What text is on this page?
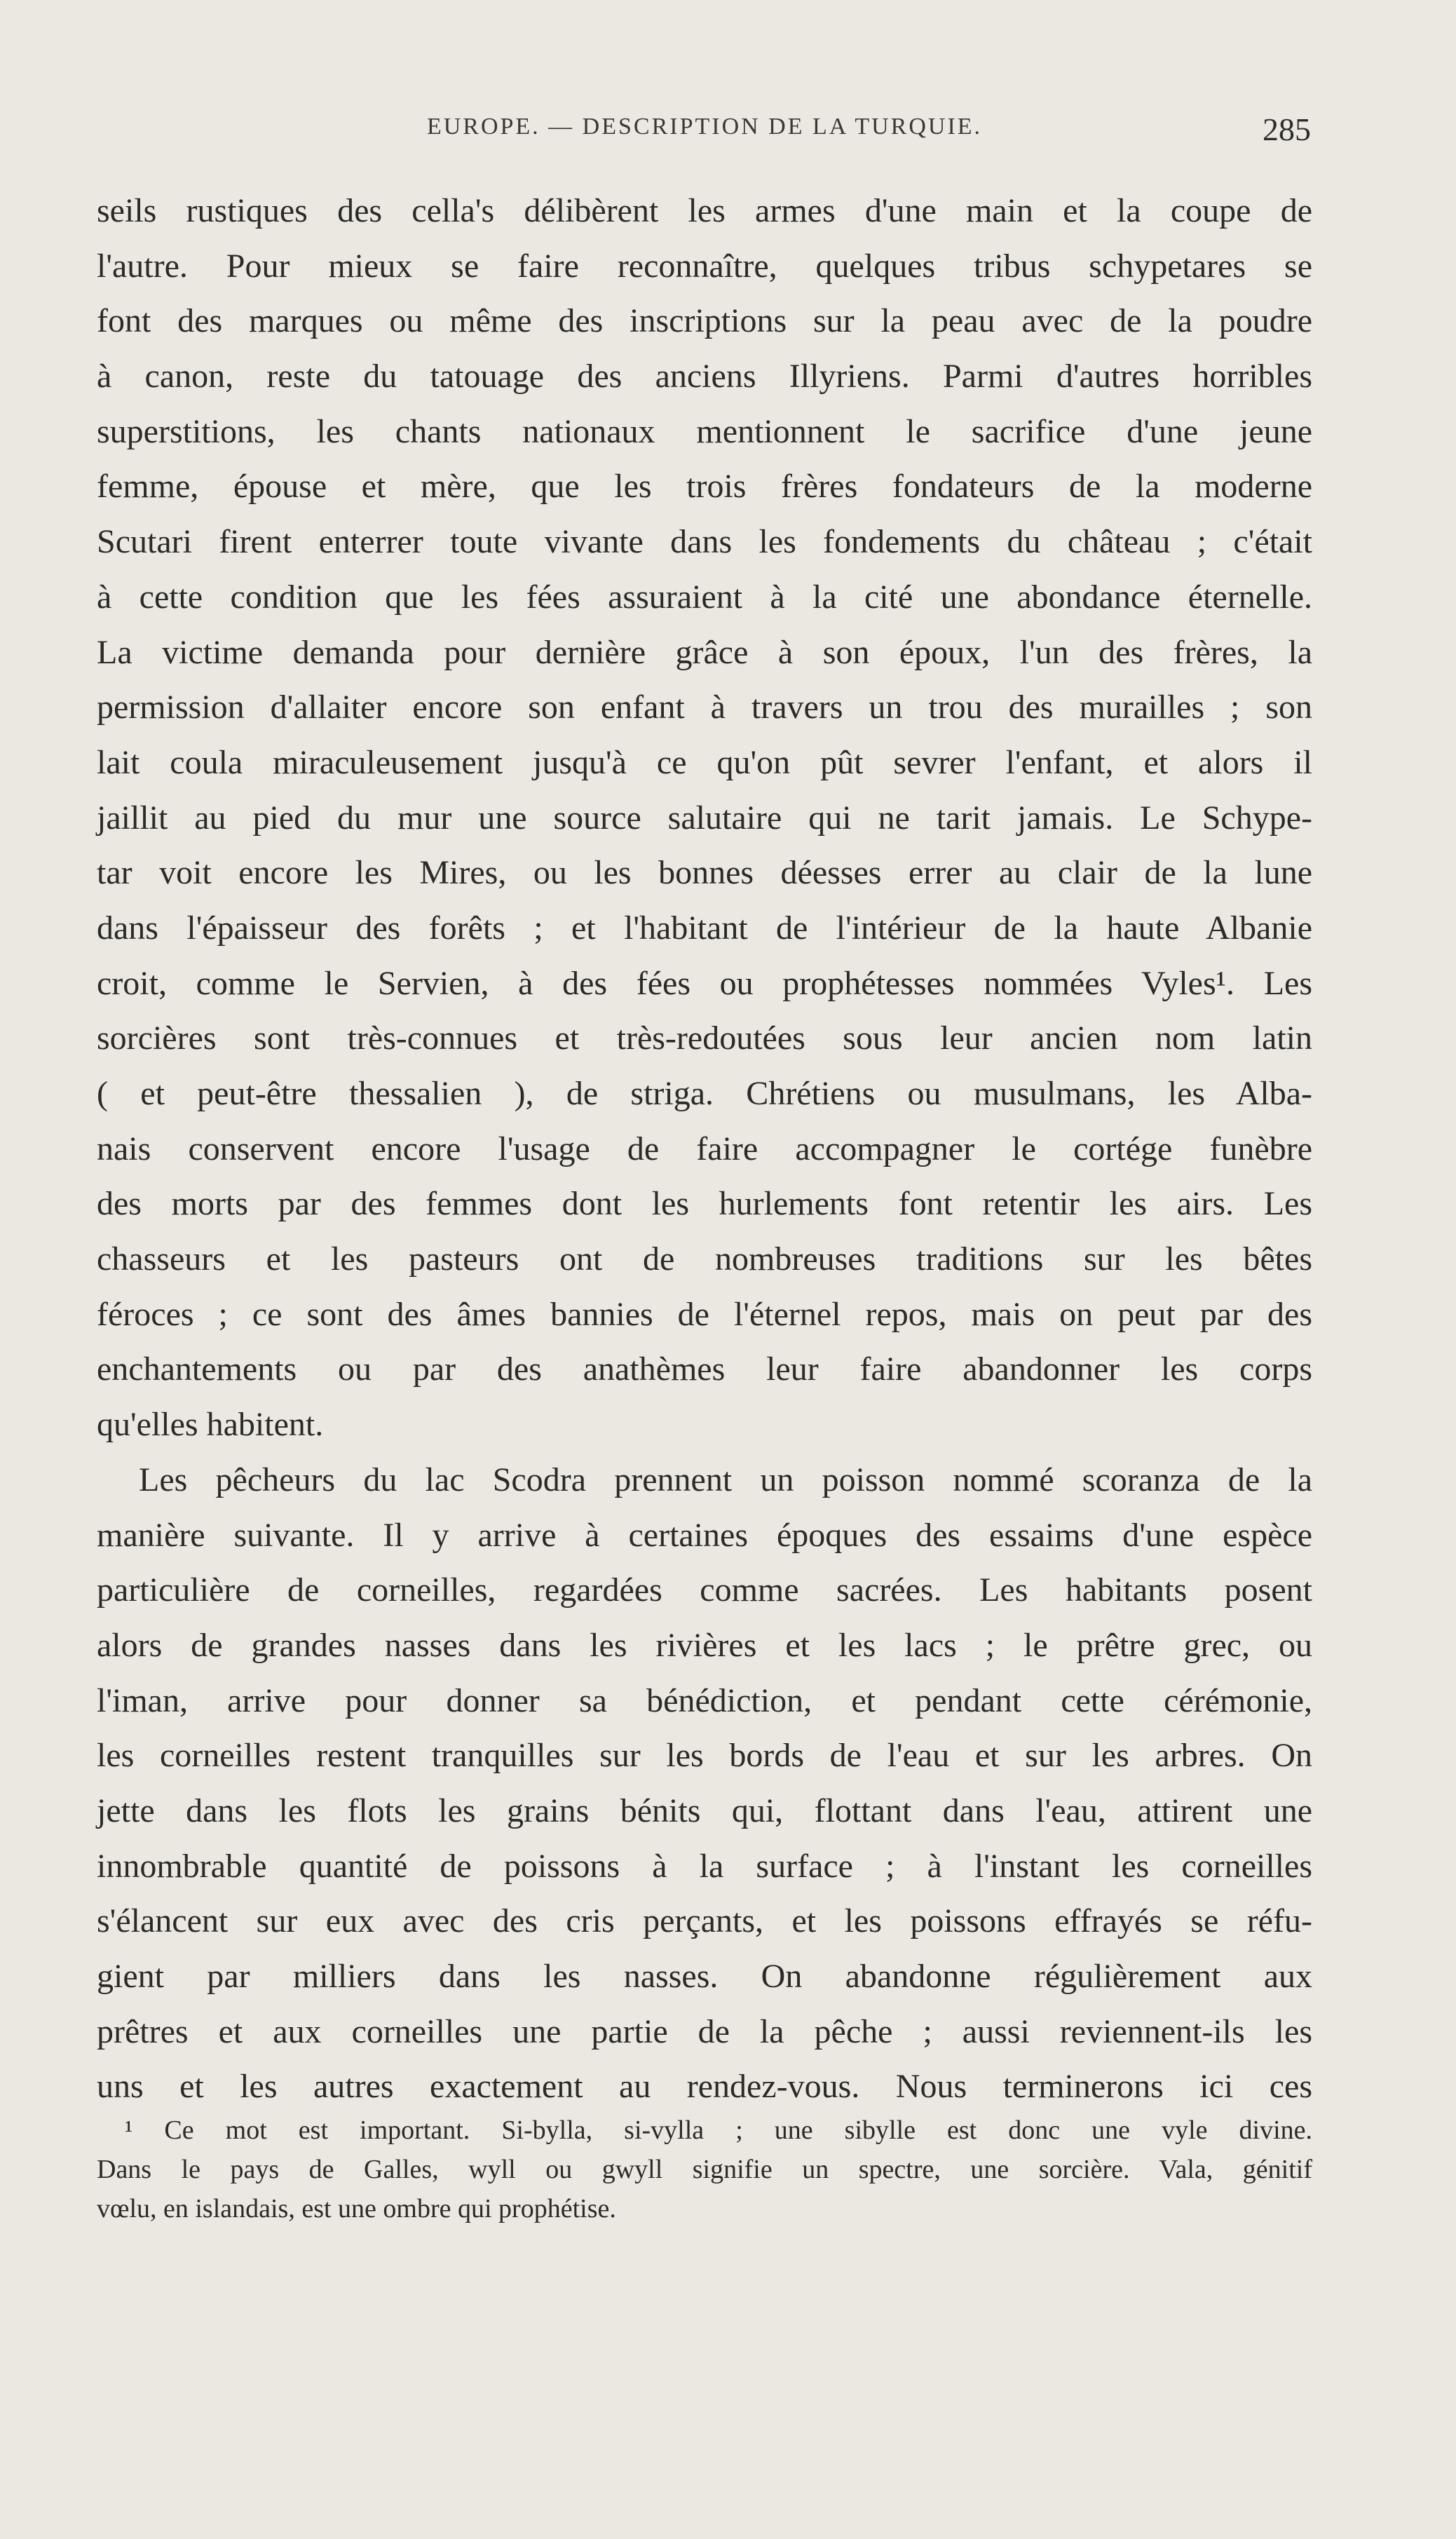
EUROPE. — DESCRIPTION DE LA TURQUIE.	285
seils rustiques des cella's délibèrent les armes d'une main et la coupe de
l'autre. Pour mieux se faire reconnaître, quelques tribus schypetares se
font des marques ou même des inscriptions sur la peau avec de la poudre
à canon, reste du tatouage des anciens Illyriens. Parmi d'autres horribles
superstitions, les chants nationaux mentionnent le sacrifice d'une jeune
femme, épouse et mère, que les trois frères fondateurs de la moderne
Scutari firent enterrer toute vivante dans les fondements du château ; c'était
à cette condition que les fées assuraient à la cité une abondance éternelle.
La victime demanda pour dernière grâce à son époux, l'un des frères, la
permission d'allaiter encore son enfant à travers un trou des murailles ; son
lait coula miraculeusement jusqu'à ce qu'on pût sevrer l'enfant, et alors il
jaillit au pied du mur une source salutaire qui ne tarit jamais. Le Schype-
tar voit encore les Mires, ou les bonnes déesses errer au clair de la lune
dans l'épaisseur des forêts ; et l'habitant de l'intérieur de la haute Albanie
croit, comme le Servien, à des fées ou prophétesses nommées Vyles¹. Les
sorcières sont très-connues et très-redoutées sous leur ancien nom latin
( et peut-être thessalien ), de striga. Chrétiens ou musulmans, les Alba-
nais conservent encore l'usage de faire accompagner le cortége funèbre
des morts par des femmes dont les hurlements font retentir les airs. Les
chasseurs et les pasteurs ont de nombreuses traditions sur les bêtes
féroces ; ce sont des âmes bannies de l'éternel repos, mais on peut par des
enchantements ou par des anathèmes leur faire abandonner les corps
qu'elles habitent.
Les pêcheurs du lac Scodra prennent un poisson nommé scoranza de la
manière suivante. Il y arrive à certaines époques des essaims d'une espèce
particulière de corneilles, regardées comme sacrées. Les habitants posent
alors de grandes nasses dans les rivières et les lacs ; le prêtre grec, ou
l'iman, arrive pour donner sa bénédiction, et pendant cette cérémonie,
les corneilles restent tranquilles sur les bords de l'eau et sur les arbres. On
jette dans les flots les grains bénits qui, flottant dans l'eau, attirent une
innombrable quantité de poissons à la surface ; à l'instant les corneilles
s'élancent sur eux avec des cris perçants, et les poissons effrayés se réfu-
gient par milliers dans les nasses. On abandonne régulièrement aux
prêtres et aux corneilles une partie de la pêche ; aussi reviennent-ils les
uns et les autres exactement au rendez-vous. Nous terminerons ici ces
¹ Ce mot est important. Si-bylla, si-vylla ; une sibylle est donc une vyle divine.
Dans le pays de Galles, wyll ou gwyll signifie un spectre, une sorcière. Vala, génitif
vœlu, en islandais, est une ombre qui prophétise.
